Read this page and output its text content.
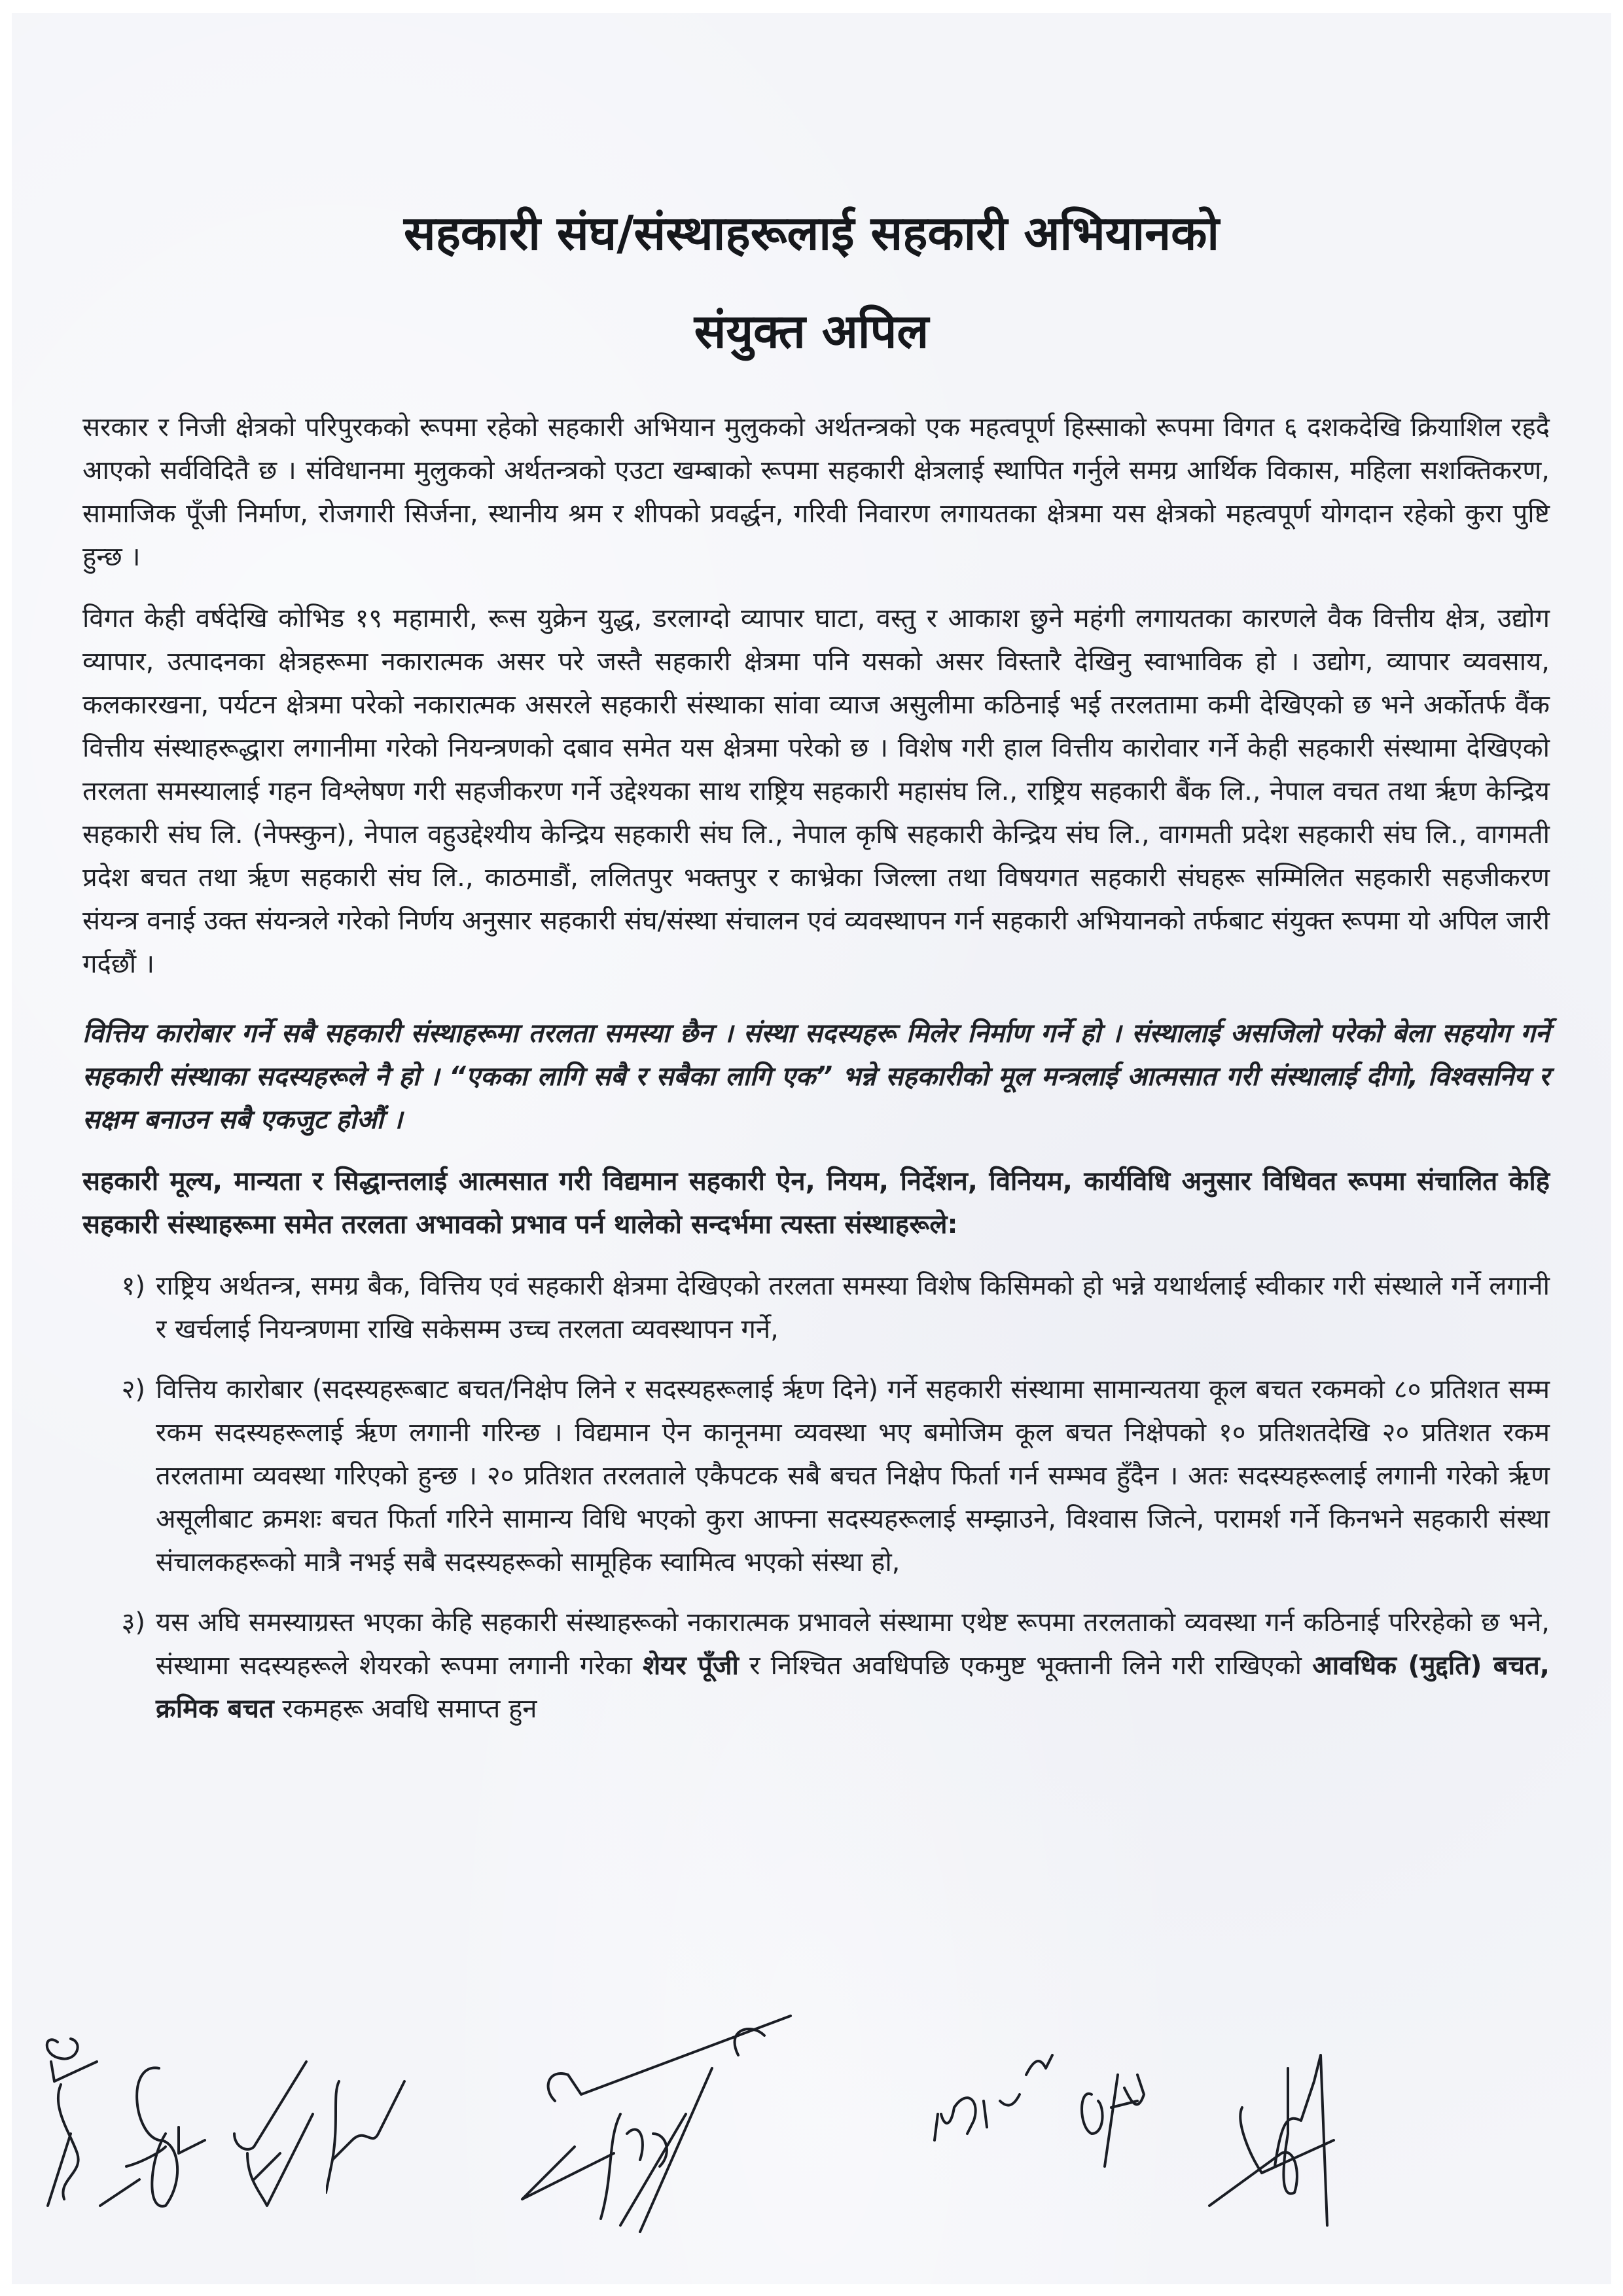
सहकारी संघ/संस्थाहरूलाई सहकारी अभियानको
संयुक्त अपिल

सरकार र निजी क्षेत्रको परिपुरकको रूपमा रहेको सहकारी अभियान मुलुकको अर्थतन्त्रको एक महत्वपूर्ण हिस्साको रूपमा विगत ६ दशकदेखि क्रियाशिल रहदै आएको सर्वविदितै छ । संविधानमा मुलुकको अर्थतन्त्रको एउटा खम्बाको रूपमा सहकारी क्षेत्रलाई स्थापित गर्नुले समग्र आर्थिक विकास, महिला सशक्तिकरण, सामाजिक पूँजी निर्माण, रोजगारी सिर्जना, स्थानीय श्रम र शीपको प्रवर्द्धन, गरिवी निवारण लगायतका क्षेत्रमा यस क्षेत्रको महत्वपूर्ण योगदान रहेको कुरा पुष्टि हुन्छ ।

विगत केही वर्षदेखि कोभिड १९ महामारी, रूस युक्रेन युद्ध, डरलाग्दो व्यापार घाटा, वस्तु र आकाश छुने महंगी लगायतका कारणले वैक वित्तीय क्षेत्र, उद्योग व्यापार, उत्पादनका क्षेत्रहरूमा नकारात्मक असर परे जस्तै सहकारी क्षेत्रमा पनि यसको असर विस्तारै देखिनु स्वाभाविक हो । उद्योग, व्यापार व्यवसाय, कलकारखना, पर्यटन क्षेत्रमा परेको नकारात्मक असरले सहकारी संस्थाका सांवा व्याज असुलीमा कठिनाई भई तरलतामा कमी देखिएको छ भने अर्कोतर्फ वैंक वित्तीय संस्थाहरूद्धारा लगानीमा गरेको नियन्त्रणको दबाव समेत यस क्षेत्रमा परेको छ । विशेष गरी हाल वित्तीय कारोवार गर्ने केही सहकारी संस्थामा देखिएको तरलता समस्यालाई गहन विश्लेषण गरी सहजीकरण गर्ने उद्देश्यका साथ राष्ट्रिय सहकारी महासंघ लि., राष्ट्रिय सहकारी बैंक लि., नेपाल वचत तथा ऋृण केन्द्रिय सहकारी संघ लि. (नेफ्स्कुन), नेपाल वहुउद्देश्यीय केन्द्रिय सहकारी संघ लि., नेपाल कृषि सहकारी केन्द्रिय संघ लि., वागमती प्रदेश सहकारी संघ लि., वागमती प्रदेश बचत तथा ऋृण सहकारी संघ लि., काठमाडौं, ललितपुर भक्तपुर र काभ्रेका जिल्ला तथा विषयगत सहकारी संघहरू सम्मिलित सहकारी सहजीकरण संयन्त्र वनाई उक्त संयन्त्रले गरेको निर्णय अनुसार सहकारी संघ/संस्था संचालन एवं व्यवस्थापन गर्न सहकारी अभियानको तर्फबाट संयुक्त रूपमा यो अपिल जारी गर्दछौं ।

वित्तिय कारोबार गर्ने सबै सहकारी संस्थाहरूमा तरलता समस्या छैन । संस्था सदस्यहरू मिलेर निर्माण गर्ने हो । संस्थालाई असजिलो परेको बेला सहयोग गर्ने सहकारी संस्थाका सदस्यहरूले नै हो । “एकका लागि सबै र सबैका लागि एक” भन्ने सहकारीको मूल मन्त्रलाई आत्मसात गरी संस्थालाई दीगो, विश्वसनिय र सक्षम बनाउन सबै एकजुट होऔं ।

सहकारी मूल्य, मान्यता र सिद्धान्तलाई आत्मसात गरी विद्यमान सहकारी ऐन, नियम, निर्देशन, विनियम, कार्यविधि अनुसार विधिवत रूपमा संचालित केहि सहकारी संस्थाहरूमा समेत तरलता अभावको प्रभाव पर्न थालेको सन्दर्भमा त्यस्ता संस्थाहरूले:

१) राष्ट्रिय अर्थतन्त्र, समग्र बैक, वित्तिय एवं सहकारी क्षेत्रमा देखिएको तरलता समस्या विशेष किसिमको हो भन्ने यथार्थलाई स्वीकार गरी संस्थाले गर्ने लगानी र खर्चलाई नियन्त्रणमा राखि सकेसम्म उच्च तरलता व्यवस्थापन गर्ने,
२) वित्तिय कारोबार (सदस्यहरूबाट बचत/निक्षेप लिने र सदस्यहरूलाई ऋृण दिने) गर्ने सहकारी संस्थामा सामान्यतया कूल बचत रकमको ८० प्रतिशत सम्म रकम सदस्यहरूलाई ऋृण लगानी गरिन्छ । विद्यमान ऐन कानूनमा व्यवस्था भए बमोजिम कूल बचत निक्षेपको १० प्रतिशतदेखि २० प्रतिशत रकम तरलतामा व्यवस्था गरिएको हुन्छ । २० प्रतिशत तरलताले एकैपटक सबै बचत निक्षेप फिर्ता गर्न सम्भव हुँदैन । अतः सदस्यहरूलाई लगानी गरेको ऋृण असूलीबाट क्रमशः बचत फिर्ता गरिने सामान्य विधि भएको कुरा आफ्ना सदस्यहरूलाई सम्झाउने, विश्वास जित्ने, परामर्श गर्ने किनभने सहकारी संस्था संचालकहरूको मात्रै नभई सबै सदस्यहरूको सामूहिक स्वामित्व भएको संस्था हो,
३) यस अघि समस्याग्रस्त भएका केहि सहकारी संस्थाहरूको नकारात्मक प्रभावले संस्थामा एथेष्ट रूपमा तरलताको व्यवस्था गर्न कठिनाई परिरहेको छ भने, संस्थामा सदस्यहरूले शेयरको रूपमा लगानी गरेका शेयर पूँजी र निश्चित अवधिपछि एकमुष्ट भूक्तानी लिने गरी राखिएको आवधिक (मुद्दति) बचत, क्रमिक बचत रकमहरू अवधि समाप्त हुन
